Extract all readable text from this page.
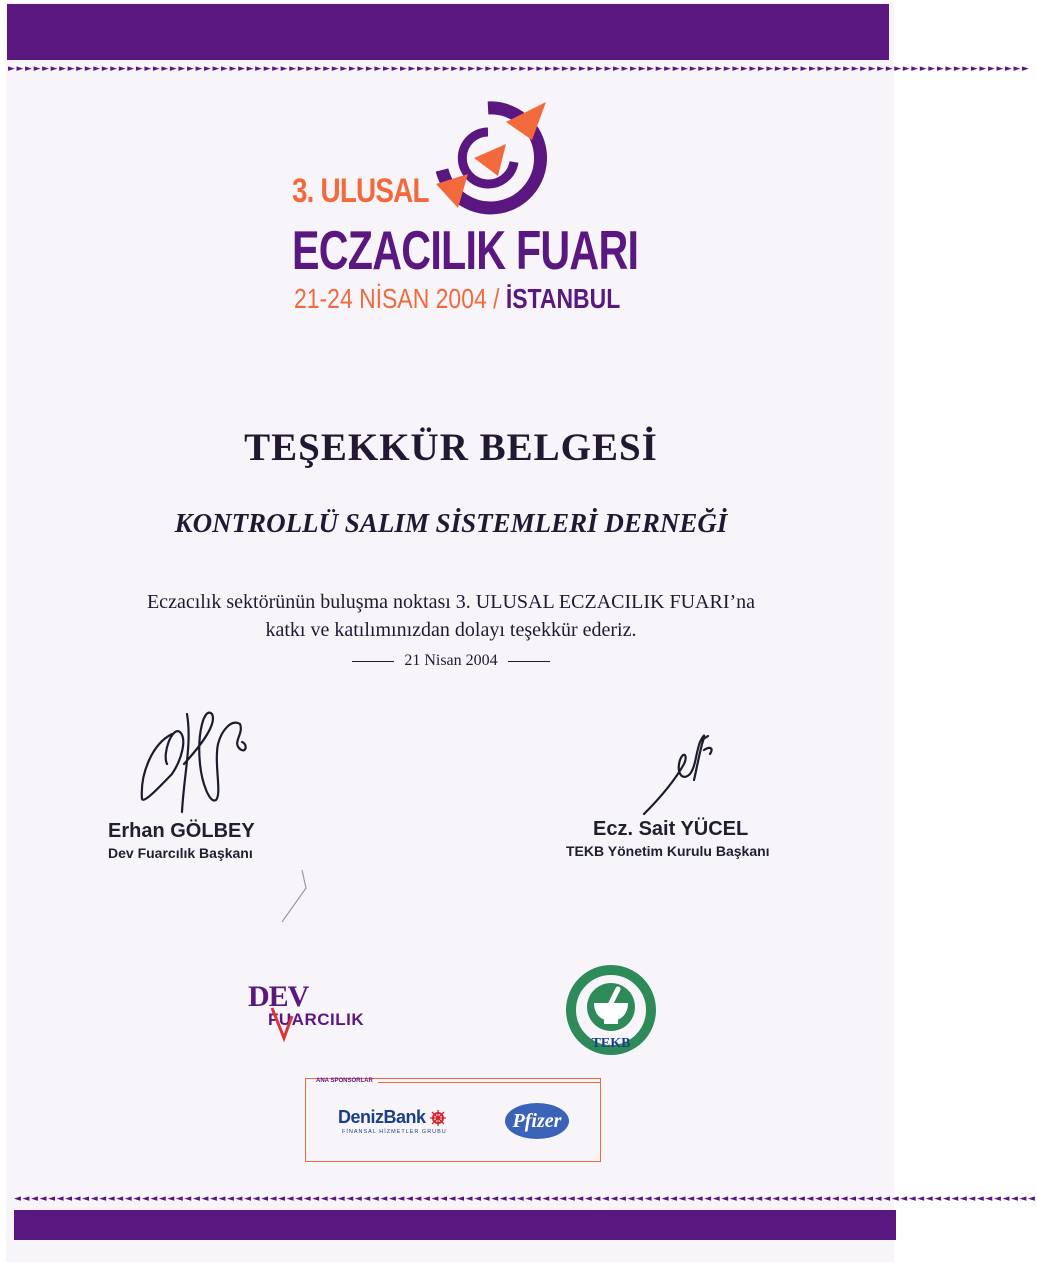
►►►►►►►►►►►►►►►►►►►►►►►►►►►►►►►►►►►►►►►►►►►►►►►►►►►►►►►►►►►►►►►►►►►►►►►►►►►►►►►►►►►►►►►►►►►►►►►►►►►►►►►►►►►►►►►►►►►►►►►►
◄◄◄◄◄◄◄◄◄◄◄◄◄◄◄◄◄◄◄◄◄◄◄◄◄◄◄◄◄◄◄◄◄◄◄◄◄◄◄◄◄◄◄◄◄◄◄◄◄◄◄◄◄◄◄◄◄◄◄◄◄◄◄◄◄◄◄◄◄◄◄◄◄◄◄◄◄◄◄◄◄◄◄◄◄◄◄◄◄◄◄◄◄◄◄◄◄◄◄◄◄◄◄◄◄◄◄◄◄◄◄◄◄◄◄◄◄◄◄◄
3. ULUSAL
ECZACILIK FUARI
21-24 NİSAN 2004 / İSTANBUL
TEŞEKKÜR BELGESİ
KONTROLLÜ SALIM SİSTEMLERİ DERNEĞİ
Eczacılık sektörünün buluşma noktası 3. ULUSAL ECZACILIK FUARI’na
katkı ve katılımınızdan dolayı teşekkür ederiz.
21 Nisan 2004
Erhan GÖLBEY
Dev Fuarcılık Başkanı
Ecz. Sait YÜCEL
TEKB Yönetim Kurulu Başkanı
DEV
FUARCILIK
TEKB
ANA SPONSORLAR
DenizBank
FİNANSAL HİZMETLER GRUBU	Pfizer
